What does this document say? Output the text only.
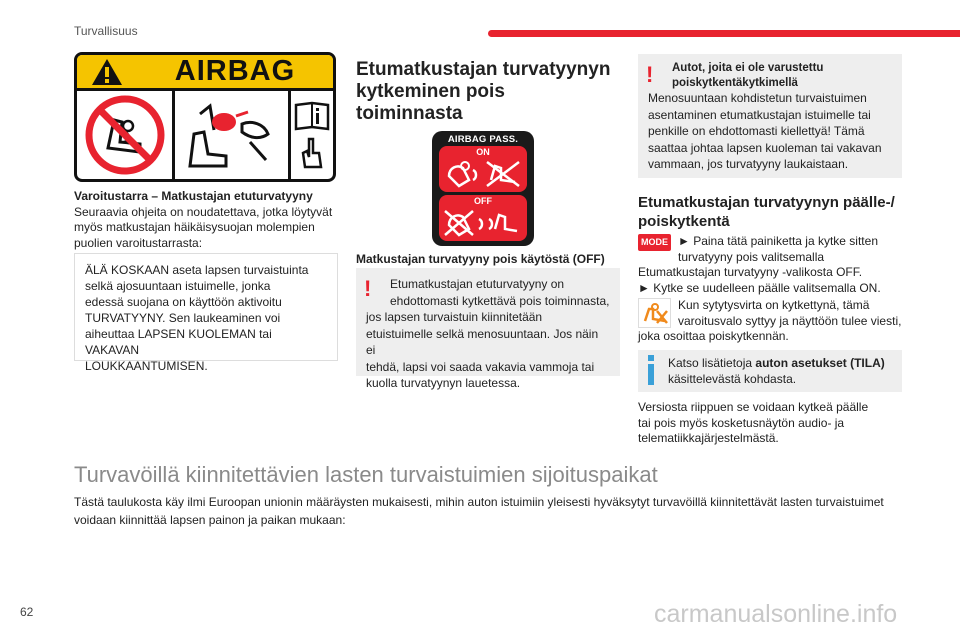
Turvallisuus
AIRBAG
Varoitustarra – Matkustajan etuturvatyyny
Seuraavia ohjeita on noudatettava, jotka löytyvät
myös matkustajan häikäisysuojan molempien
puolien varoitustarrasta:
ÄLÄ KOSKAAN aseta lapsen turvaistuinta
selkä ajosuuntaan istuimelle, jonka
edessä suojana on käyttöön aktivoitu
TURVATYYNY. Sen laukeaminen voi
aiheuttaa LAPSEN KUOLEMAN tai VAKAVAN
LOUKKAANTUMISEN.
Etumatkustajan turvatyynyn
kytkeminen pois
toiminnasta
AIRBAG PASS.
ON
OFF
Matkustajan turvatyyny pois käytöstä (OFF)
!	Etumatkustajan etuturvatyyny on
ehdottomasti kytkettävä pois toiminnasta,
jos lapsen turvaistuin kiinnitetään
etuistuimelle selkä menosuuntaan. Jos näin ei
tehdä, lapsi voi saada vakavia vammoja tai
kuolla turvatyynyn lauetessa.
!	Autot, joita ei ole varustettu
poiskytkentäkytkimellä
Menosuuntaan kohdistetun turvaistuimen
asentaminen etumatkustajan istuimelle tai
penkille on ehdottomasti kiellettyä! Tämä
saattaa johtaa lapsen kuoleman tai vakavan
vammaan, jos turvatyyny laukaistaan.
Etumatkustajan turvatyynyn päälle-/
poiskytkentä
MODE ► Paina tätä painiketta ja kytke sitten
turvatyyny pois valitsemalla
Etumatkustajan turvatyyny -valikosta OFF.
► Kytke se uudelleen päälle valitsemalla ON.
Kun sytytysvirta on kytkettynä, tämä
varoitusvalo syttyy ja näyttöön tulee viesti,
joka osoittaa poiskytkennän.
Katso lisätietoja auton asetukset (TILA)
käsittelevästä kohdasta.
Versiosta riippuen se voidaan kytkeä päälle
tai pois myös kosketusnäytön audio- ja
telematiikkajärjestelmästä.
Turvavöillä kiinnitettävien lasten turvaistuimien sijoituspaikat
Tästä taulukosta käy ilmi Euroopan unionin määräysten mukaisesti, mihin auton istuimiin yleisesti hyväksytyt turvavöillä kiinnitettävät lasten turvaistuimet
voidaan kiinnittää lapsen painon ja paikan mukaan:
62	carmanualsonline.info
